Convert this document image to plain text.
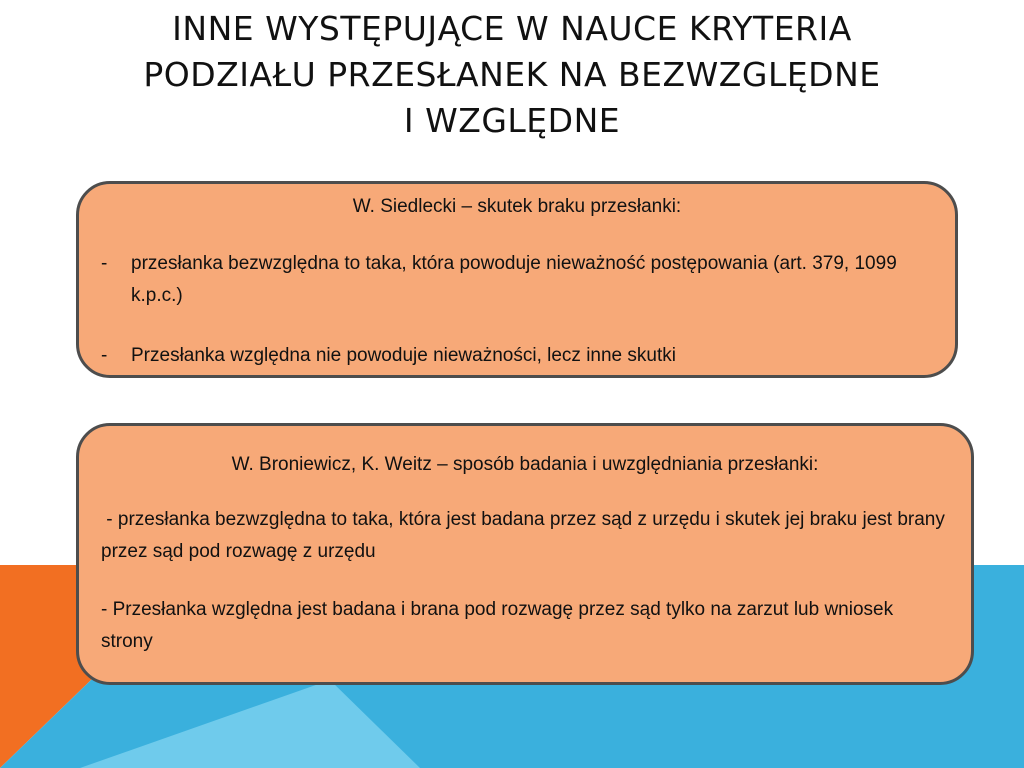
INNE WYSTĘPUJĄCE W NAUCE KRYTERIA
PODZIAŁU PRZESŁANEK NA BEZWZGLĘDNE
I WZGLĘDNE

W. Siedlecki – skutek braku przesłanki:

- przesłanka bezwzględna to taka, która powoduje nieważność postępowania (art. 379, 1099 k.p.c.)
- Przesłanka względna nie powoduje nieważności, lecz inne skutki

W. Broniewicz, K. Weitz – sposób badania i uwzględniania przesłanki:

- przesłanka bezwzględna to taka, która jest badana przez sąd z urzędu i skutek jej braku jest brany przez sąd pod rozwagę z urzędu

- Przesłanka względna jest badana i brana pod rozwagę przez sąd tylko na zarzut lub wniosek strony
